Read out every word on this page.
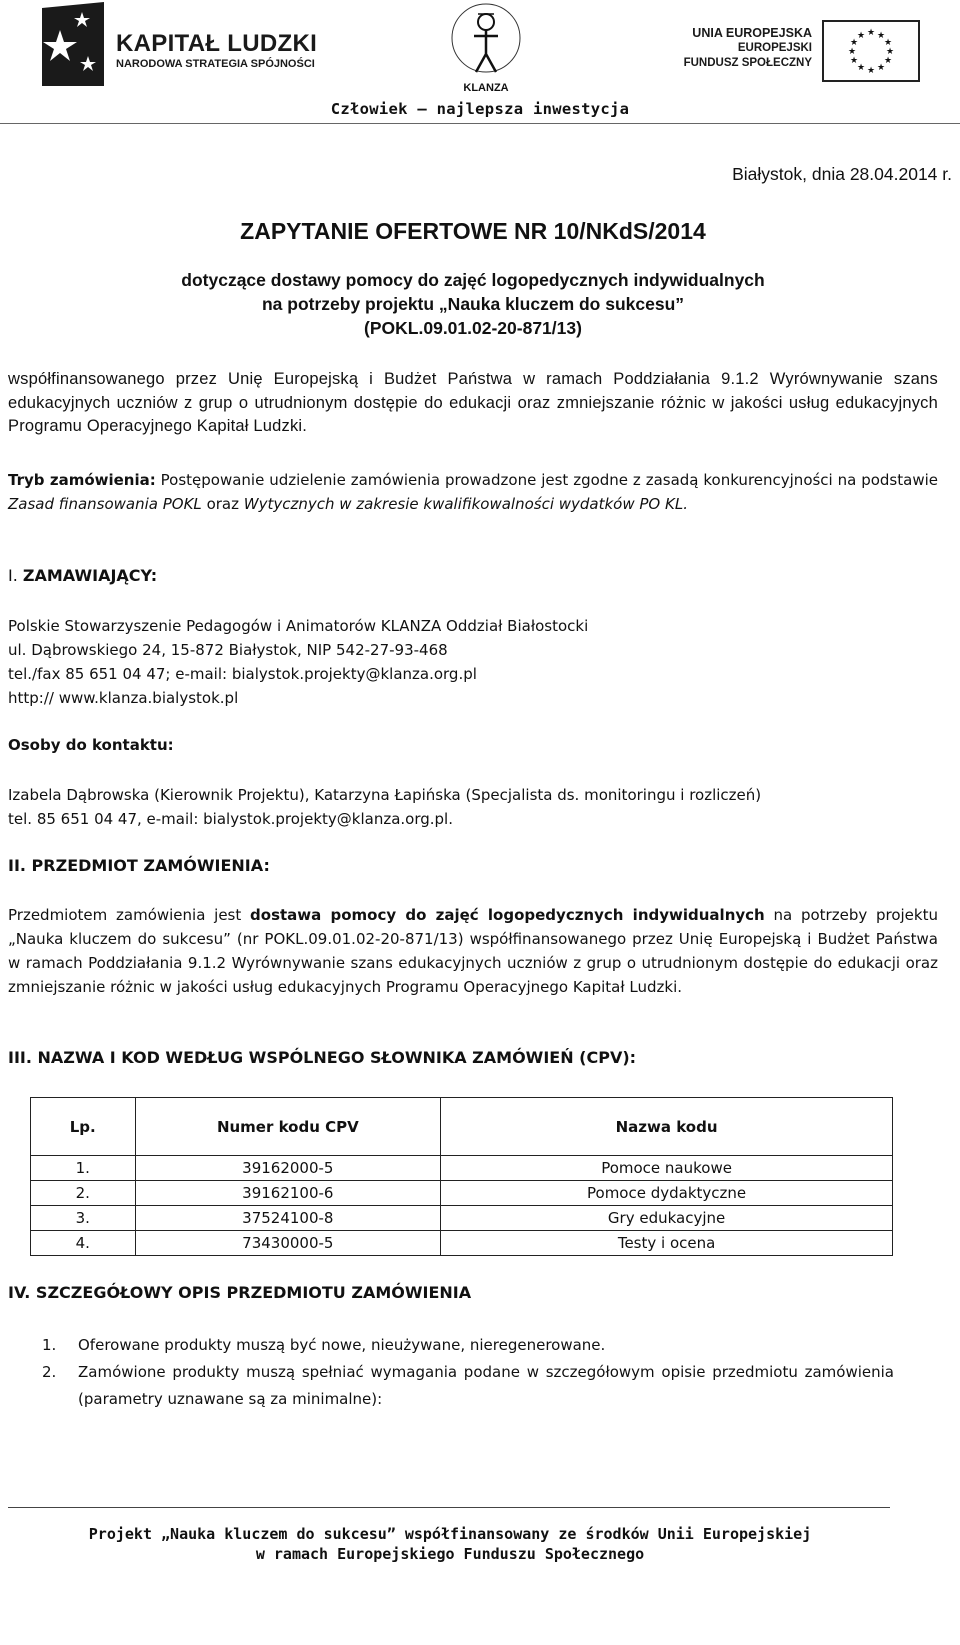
KAPITAŁ LUDZKI
NARODOWA STRATEGIA SPÓJNOŚCI
KLANZA
UNIA EUROPEJSKA
EUROPEJSKI
FUNDUSZ SPOŁECZNY
★ ★
★
★
★
★
★
★
★
★
★
★
Człowiek – najlepsza inwestycja
Białystok, dnia 28.04.2014 r.
ZAPYTANIE OFERTOWE NR 10/NKdS/2014
dotyczące dostawy pomocy do zajęć logopedycznych indywidualnych
na potrzeby projektu „Nauka kluczem do sukcesu”
(POKL.09.01.02-20-871/13)
współfinansowanego przez Unię Europejską i Budżet Państwa w ramach Poddziałania 9.1.2 Wyrównywanie szans edukacyjnych uczniów z grup o utrudnionym dostępie do edukacji oraz zmniejszanie różnic w jakości usług edukacyjnych Programu Operacyjnego Kapitał Ludzki.
Tryb zamówienia: Postępowanie udzielenie zamówienia prowadzone jest zgodne z zasadą konkurencyjności na podstawie Zasad finansowania POKL oraz Wytycznych w zakresie kwalifikowalności wydatków PO KL.
I. ZAMAWIAJĄCY:
Polskie Stowarzyszenie Pedagogów i Animatorów KLANZA Oddział Białostocki
ul. Dąbrowskiego 24, 15-872 Białystok, NIP 542-27-93-468
tel./fax 85 651 04 47; e-mail: bialystok.projekty@klanza.org.pl
http:// www.klanza.bialystok.pl
Osoby do kontaktu:
Izabela Dąbrowska (Kierownik Projektu), Katarzyna Łapińska (Specjalista ds. monitoringu i rozliczeń)
tel. 85 651 04 47, e-mail: bialystok.projekty@klanza.org.pl.
II. PRZEDMIOT ZAMÓWIENIA:
Przedmiotem zamówienia jest dostawa pomocy do zajęć logopedycznych indywidualnych na potrzeby projektu „Nauka kluczem do sukcesu” (nr POKL.09.01.02-20-871/13) współfinansowanego przez Unię Europejską i Budżet Państwa w ramach Poddziałania 9.1.2 Wyrównywanie szans edukacyjnych uczniów z grup o utrudnionym dostępie do edukacji oraz zmniejszanie różnic w jakości usług edukacyjnych Programu Operacyjnego Kapitał Ludzki.
III. NAZWA I KOD WEDŁUG WSPÓLNEGO SŁOWNIKA ZAMÓWIEŃ (CPV):
Lp.	Numer kodu CPV	Nazwa kodu
1.	39162000-5	Pomoce naukowe
2.	39162100-6	Pomoce dydaktyczne
3.	37524100-8	Gry edukacyjne
4.	73430000-5	Testy i ocena
IV. SZCZEGÓŁOWY OPIS PRZEDMIOTU ZAMÓWIENIA
1. Oferowane produkty muszą być nowe, nieużywane, nieregenerowane.
2. Zamówione produkty muszą spełniać wymagania podane w szczegółowym opisie przedmiotu zamówienia (parametry uznawane są za minimalne):
Projekt „Nauka kluczem do sukcesu” współfinansowany ze środków Unii Europejskiej
w ramach Europejskiego Funduszu Społecznego
